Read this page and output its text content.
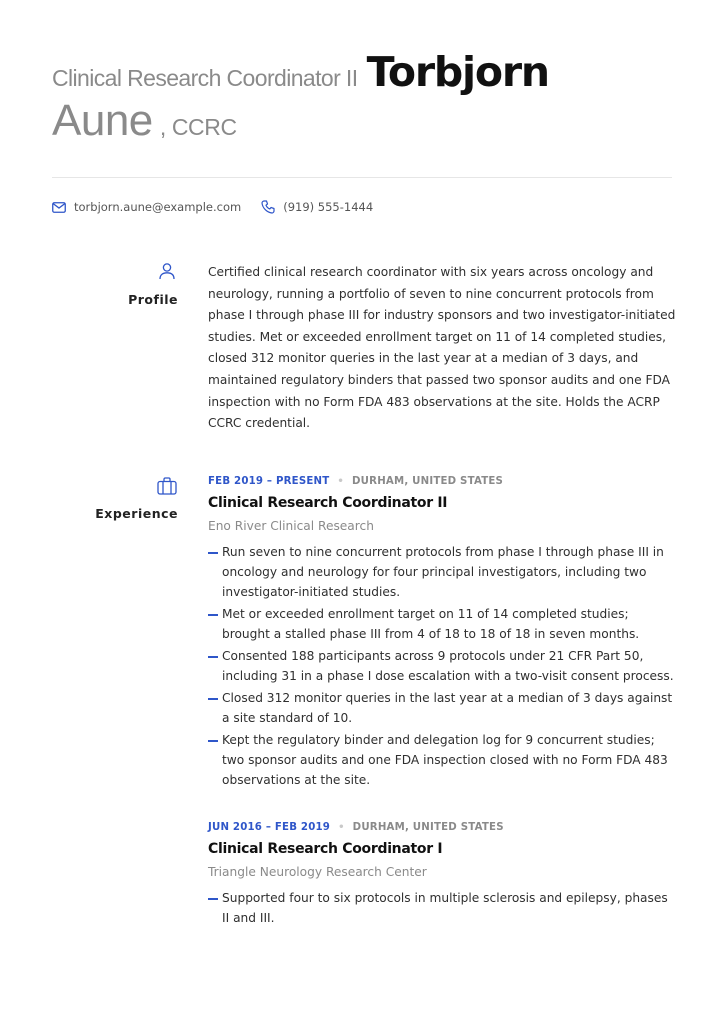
Clinical Research Coordinator II Torbjorn
Aune , CCRC
torbjorn.aune@example.com	(919) 555-1444
Profile

Certified clinical research coordinator with six years across oncology and neurology, running a portfolio of seven to nine concurrent protocols from phase I through phase III for industry sponsors and two investigator-initiated studies. Met or exceeded enrollment target on 11 of 14 completed studies, closed 312 monitor queries in the last year at a median of 3 days, and maintained regulatory binders that passed two sponsor audits and one FDA inspection with no Form FDA 483 observations at the site. Holds the ACRP CCRC credential.

Experience
FEB 2019 – PRESENT • DURHAM, UNITED STATES
Clinical Research Coordinator II
Eno River Clinical Research
Run seven to nine concurrent protocols from phase I through phase III in oncology and neurology for four principal investigators, including two investigator-initiated studies.
Met or exceeded enrollment target on 11 of 14 completed studies; brought a stalled phase III from 4 of 18 to 18 of 18 in seven months.
Consented 188 participants across 9 protocols under 21 CFR Part 50, including 31 in a phase I dose escalation with a two-visit consent process.
Closed 312 monitor queries in the last year at a median of 3 days against a site standard of 10.
Kept the regulatory binder and delegation log for 9 concurrent studies; two sponsor audits and one FDA inspection closed with no Form FDA 483 observations at the site.
JUN 2016 – FEB 2019 • DURHAM, UNITED STATES
Clinical Research Coordinator I
Triangle Neurology Research Center
Supported four to six protocols in multiple sclerosis and epilepsy, phases II and III.
